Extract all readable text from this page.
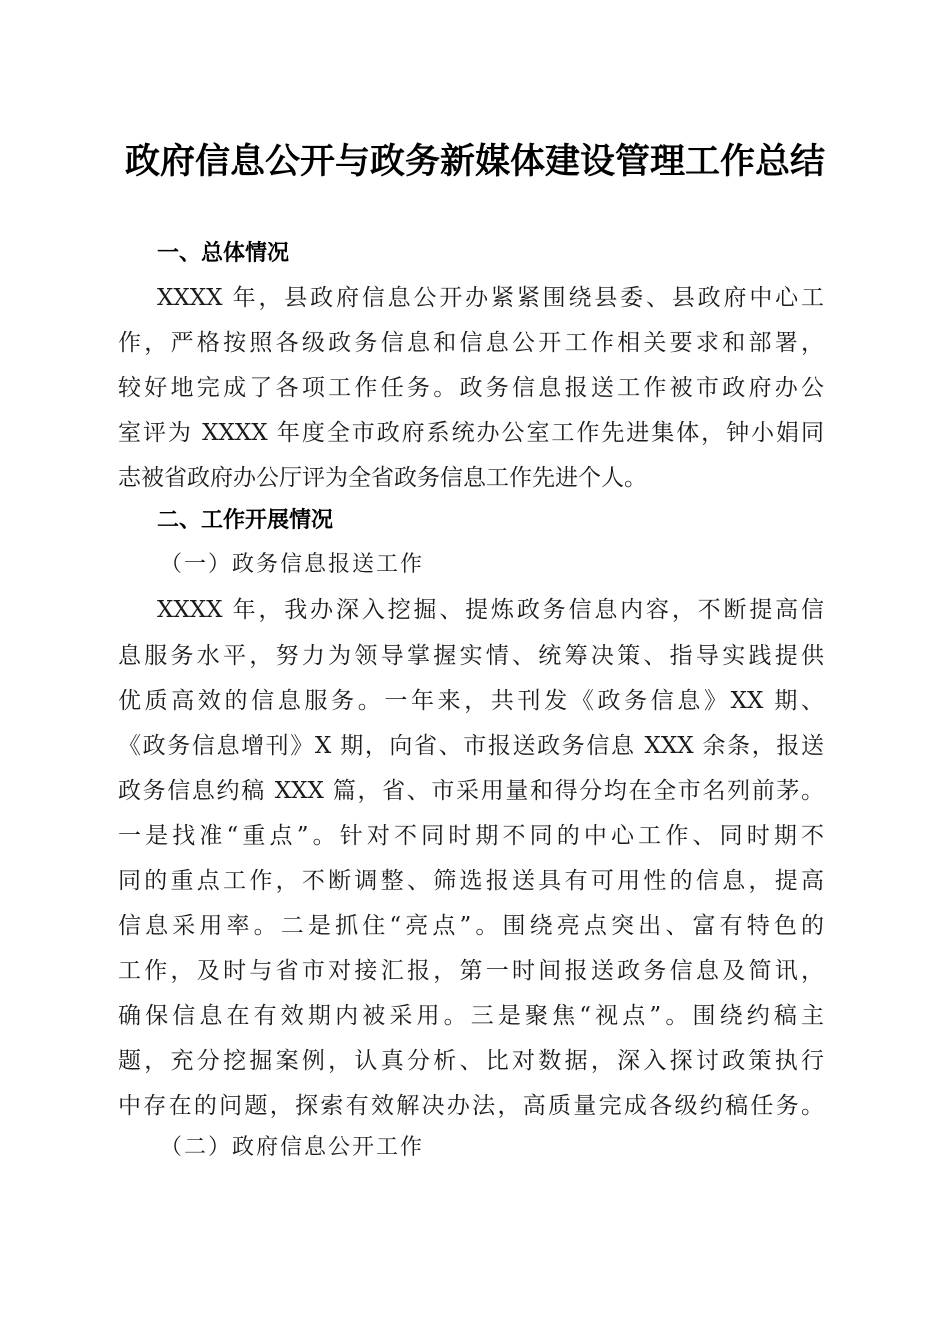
政府信息公开与政务新媒体建设管理工作总结
一、总体情况
XXXX 年，县政府信息公开办紧紧围绕县委、县政府中心工
作，严格按照各级政务信息和信息公开工作相关要求和部署，
较好地完成了各项工作任务。政务信息报送工作被市政府办公
室评为 XXXX 年度全市政府系统办公室工作先进集体，钟小娟同
志被省政府办公厅评为全省政务信息工作先进个人。
二、工作开展情况
（一）政务信息报送工作
XXXX 年，我办深入挖掘、提炼政务信息内容，不断提高信
息服务水平，努力为领导掌握实情、统筹决策、指导实践提供
优质高效的信息服务。一年来，共刊发《政务信息》XX 期、
《政务信息增刊》X 期，向省、市报送政务信息 XXX 余条，报送
政务信息约稿 XXX 篇，省、市采用量和得分均在全市名列前茅。
一是找准“重点”。针对不同时期不同的中心工作、同时期不
同的重点工作，不断调整、筛选报送具有可用性的信息，提高
信息采用率。二是抓住“亮点”。围绕亮点突出、富有特色的
工作，及时与省市对接汇报，第一时间报送政务信息及简讯，
确保信息在有效期内被采用。三是聚焦“视点”。围绕约稿主
题，充分挖掘案例，认真分析、比对数据，深入探讨政策执行
中存在的问题，探索有效解决办法，高质量完成各级约稿任务。
（二）政府信息公开工作
